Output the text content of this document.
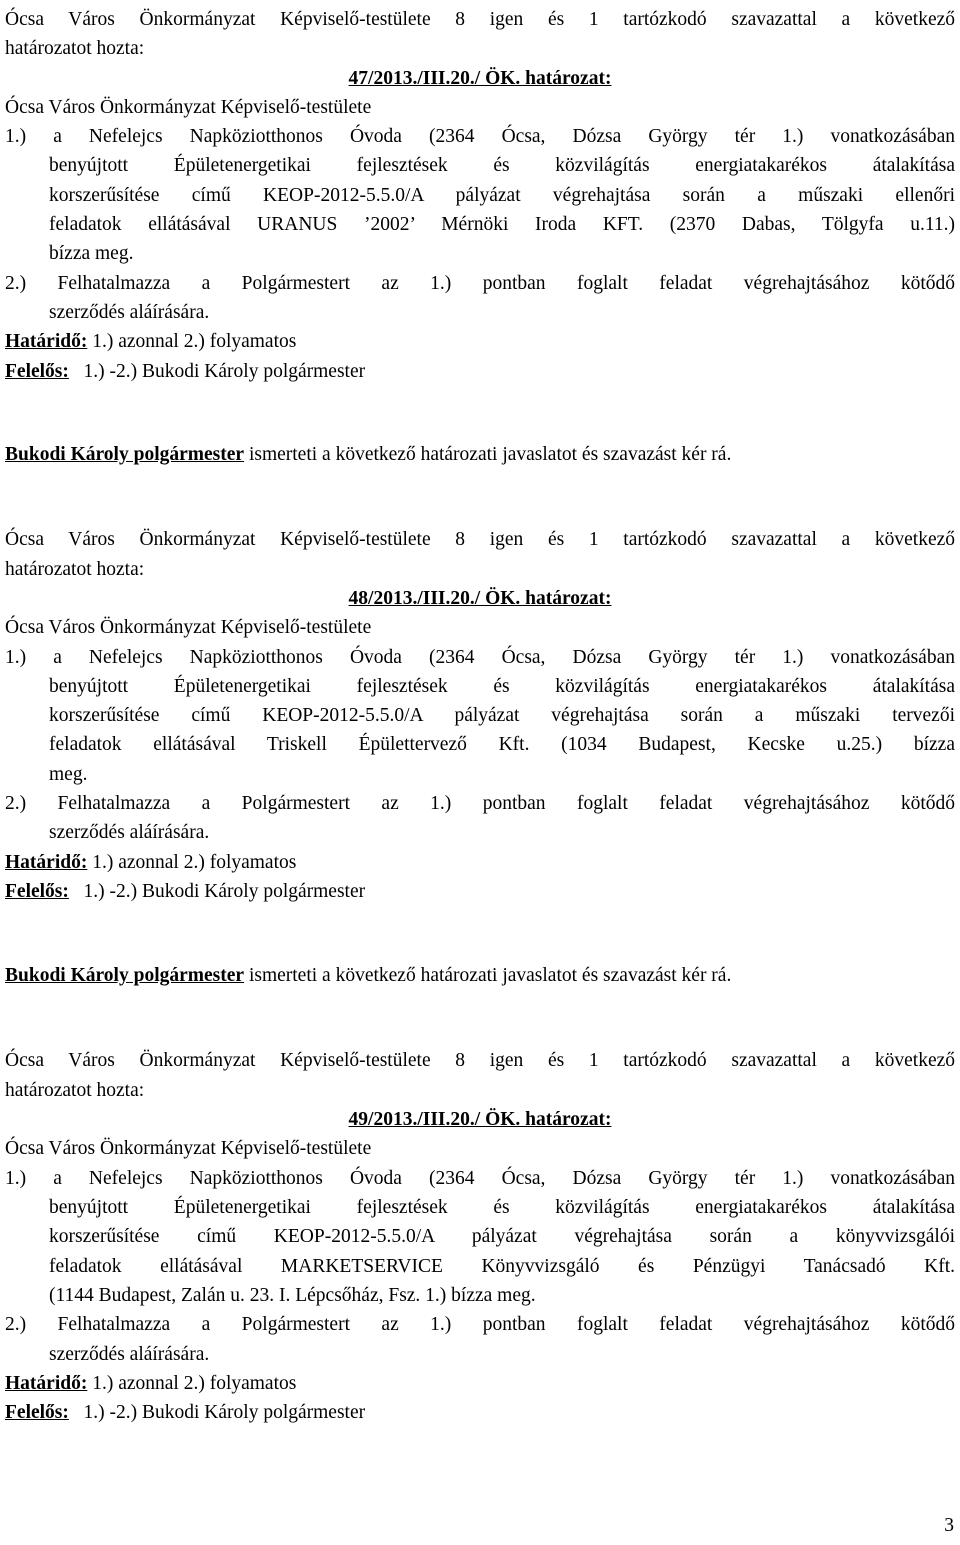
Ócsa Város Önkormányzat Képviselő-testülete 8 igen és 1 tartózkodó szavazattal a következő
határozatot hozta:
47/2013./III.20./ ÖK. határozat:
Ócsa Város Önkormányzat Képviselő-testülete
1.) a Nefelejcs Napköziotthonos Óvoda (2364 Ócsa, Dózsa György tér 1.) vonatkozásában
benyújtott Épületenergetikai fejlesztések és közvilágítás energiatakarékos átalakítása
korszerűsítése című KEOP-2012-5.5.0/A pályázat végrehajtása során a műszaki ellenőri
feladatok ellátásával URANUS ’2002’ Mérnöki Iroda KFT. (2370 Dabas, Tölgyfa u.11.)
bízza meg.
2.) Felhatalmazza a Polgármestert az 1.) pontban foglalt feladat végrehajtásához kötődő
szerződés aláírására.
Határidő: 1.) azonnal 2.) folyamatos
Felelős:   1.) -2.) Bukodi Károly polgármester
Bukodi Károly polgármester ismerteti a következő határozati javaslatot és szavazást kér rá.
Ócsa Város Önkormányzat Képviselő-testülete 8 igen és 1 tartózkodó szavazattal a következő
határozatot hozta:
48/2013./III.20./ ÖK. határozat:
Ócsa Város Önkormányzat Képviselő-testülete
1.) a Nefelejcs Napköziotthonos Óvoda (2364 Ócsa, Dózsa György tér 1.) vonatkozásában
benyújtott Épületenergetikai fejlesztések és közvilágítás energiatakarékos átalakítása
korszerűsítése című KEOP-2012-5.5.0/A pályázat végrehajtása során a műszaki tervezői
feladatok ellátásával Triskell Épülettervező Kft. (1034 Budapest, Kecske u.25.) bízza
meg.
2.) Felhatalmazza a Polgármestert az 1.) pontban foglalt feladat végrehajtásához kötődő
szerződés aláírására.
Határidő: 1.) azonnal 2.) folyamatos
Felelős:   1.) -2.) Bukodi Károly polgármester
Bukodi Károly polgármester ismerteti a következő határozati javaslatot és szavazást kér rá.
Ócsa Város Önkormányzat Képviselő-testülete 8 igen és 1 tartózkodó szavazattal a következő
határozatot hozta:
49/2013./III.20./ ÖK. határozat:
Ócsa Város Önkormányzat Képviselő-testülete
1.) a Nefelejcs Napköziotthonos Óvoda (2364 Ócsa, Dózsa György tér 1.) vonatkozásában
benyújtott Épületenergetikai fejlesztések és közvilágítás energiatakarékos átalakítása
korszerűsítése című KEOP-2012-5.5.0/A pályázat végrehajtása során a könyvvizsgálói
feladatok ellátásával MARKETSERVICE Könyvvizsgáló és Pénzügyi Tanácsadó Kft.
(1144 Budapest, Zalán u. 23. I. Lépcsőház, Fsz. 1.) bízza meg.
2.) Felhatalmazza a Polgármestert az 1.) pontban foglalt feladat végrehajtásához kötődő
szerződés aláírására.
Határidő: 1.) azonnal 2.) folyamatos
Felelős:   1.) -2.) Bukodi Károly polgármester
3
